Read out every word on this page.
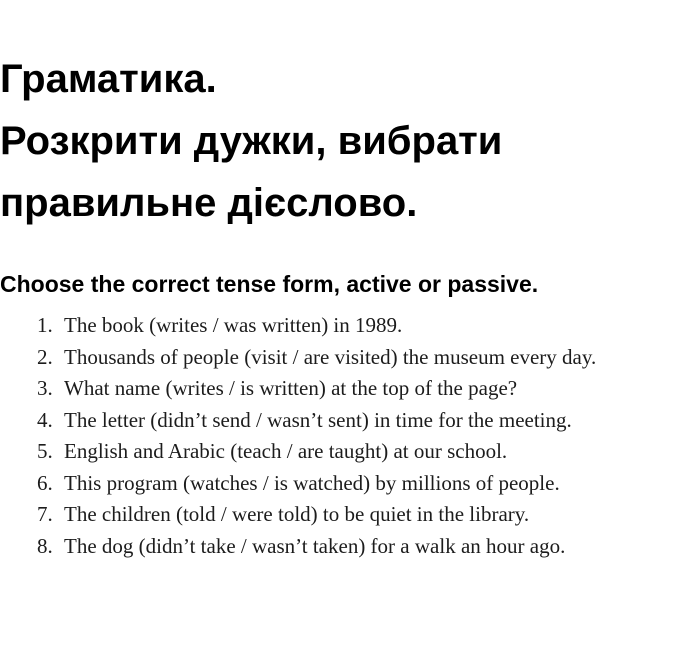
Граматика.
Розкрити дужки, вибрати
правильне дієслово.
Choose the correct tense form, active or passive.
1. The book (writes / was written) in 1989.
2. Thousands of people (visit / are visited) the museum every day.
3. What name (writes / is written) at the top of the page?
4. The letter (didn’t send / wasn’t sent) in time for the meeting.
5. English and Arabic (teach / are taught) at our school.
6. This program (watches / is watched) by millions of people.
7. The children (told / were told) to be quiet in the library.
8. The dog (didn’t take / wasn’t taken) for a walk an hour ago.
